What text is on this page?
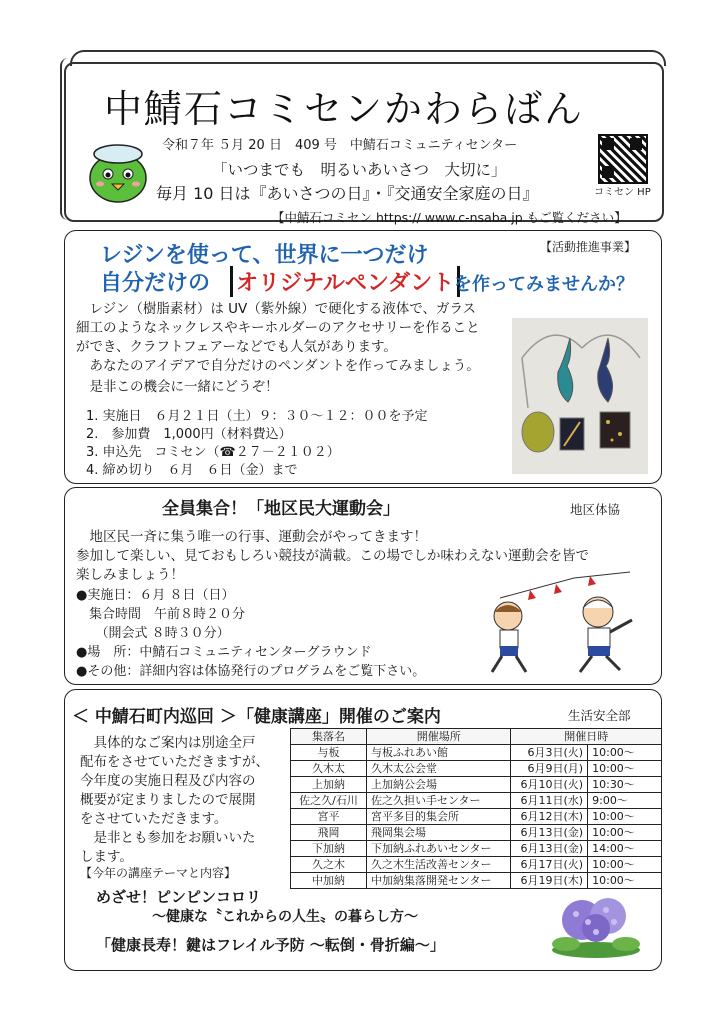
中鯖石コミセンかわらばん
令和７年 ５月 20 日　409 号　中鯖石コミュニティセンター
「いつまでも　明るいあいさつ　大切に」
毎月 10 日は『あいさつの日』・『交通安全家庭の日』	コミセン HP
【中鯖石コミセン https:// www.c-nsaba.jp もご覧ください】
レジンを使って、世界に一つだけ
自分だけの オリジナルペンダント を作ってみませんか？
【活動推進事業】
　レジン（樹脂素材）は UV（紫外線）で硬化する液体で、ガラス
細工のようなネックレスやキーホルダーのアクセサリーを作ること
ができ、クラフトフェアーなどでも人気があります。
　あなたのアイデアで自分だけのペンダントを作ってみましょう。
　是非この機会に一緒にどうぞ！
1. 実施日　６月２１日（土）９：３０～１２：００を予定
2.　参加費　1,000円（材料費込）
3. 申込先　コミセン（☎２７－２１０２）
4. 締め切り　６月　６日（金）まで
全員集合！「地区民大運動会」	地区体協
　地区民一斉に集う唯一の行事、運動会がやってきます！
参加して楽しい、見ておもしろい競技が満載。この場でしか味わえない運動会を皆で
楽しみましょう！
●実施日：６月 ８日（日）
　集合時間　午前８時２０分
　　（開会式 ８時３０分）
●場　所：中鯖石コミュニティセンターグラウンド
●その他：詳細内容は体協発行のプログラムをご覧下さい。
＜ 中鯖石町内巡回 ＞「健康講座」開催のご案内	生活安全部
　具体的なご案内は別途全戸
配布をさせていただきますが、
今年度の実施日程及び内容の
概要が定まりましたので展開
をさせていただきます。
　是非とも参加をお願いいた
します。
集落名	開催場所	開催日時	
与板	与板ふれあい館	6月3日(火)	10:00～
久木太	久木太公会堂	6月9日(月)	10:00～
上加納	上加納公会場	6月10日(火)	10:30～
佐之久/石川	佐之久担い手センター	6月11日(水)	9:00～
宮平	宮平多目的集会所	6月12日(木)	10:00～
飛岡	飛岡集会場	6月13日(金)	10:00～
下加納	下加納ふれあいセンター	6月13日(金)	14:00～
久之木	久之木生活改善センター	6月17日(火)	10:00～
中加納	中加納集落開発センター	6月19日(木)	10:00～
【今年の講座テーマと内容】
めざせ！ピンピンコロリ
～健康な〝これからの人生〟の暮らし方～
「健康長寿！鍵はフレイル予防 ～転倒・骨折編～」
